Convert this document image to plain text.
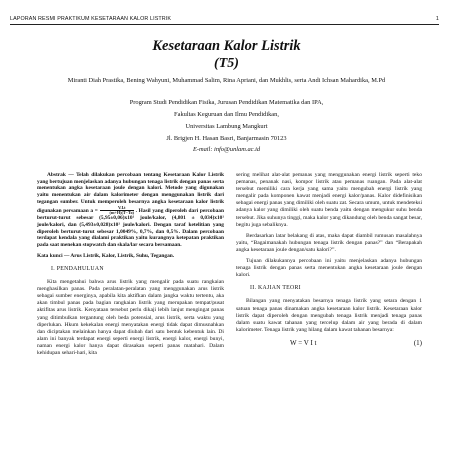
LAPORAN RESMI PRAKTIKUM KESETARAAN KALOR LISTRIK	1
Kesetaraan Kalor Listrik
(T5)
Miranti Diah Prastika, Bening Wahyuni, Muhammad Salim, Rina Apriani, dan Mukhlis, serta Andi Ichsan Mahardika, M.Pd
Program Studi Pendidikan Fisika, Jurusan Pendidikan Matematika dan IPA,
Fakultas Keguruan dan Ilmu Pendidikan,
Universitas Lambung Mangkurt
Jl. Brigjen H. Hasan Basri, Banjarmasin 70123
E-mail: info@unlam.ac.id
Abstrak — Telah dilakukan percobaan tentang Kesetaraan Kalor Listrik yang bertujuan menjelaskan adanya hubungan tenaga listrik dengan panas serta menentukan angka kesetaraan joule dengan kalori. Metode yang digunakan yaitu menentukan air dalam kalorimeter dengan menggunakan listrik dari tegangan sumber. Untuk memperoleh besarnya angka kesetaraan kalor listrik digunakan persamaan $a = \frac{V.I.t}{(m+H)(T-To)}$ . Hasil yang diperoleh dari percobaan berturut-turut sebesar (5,95±0,06)x10¹ joule/kalor, (4,801 ± 0,034)x10¹ joule/kalori, dan (5,493±0,028)x10¹ joule/kalori. Dengan taraf ketelitian yang diperoleh berturut-turut sebesar 1,0049%, 0,7%, dan 0,5%. Dalam percobaan terdapat kendala yang dialami praktikan yaitu kurangnya ketepatan praktikan pada saat menekan stopwatch dan skala/lar secara bersamaan.
Kata kunci — Arus Listrik, Kalor, Listrik, Suhu, Tegangan.
I. PENDAHULUAN
Kita mengetahui bahwa arus listrik yang mengalir pada suatu rangkaian menghasilkan panas. Pada peralatan-peralatan yang menggunakan arus listrik sebagai sumber energinya, apabila kita aktifkan dalam jangka waktu tertentu, aka akan timbul panas pada bagian rangkaian listrik yang merupakan tempat/pusat aktifitas arus listrik. Kenyataan tersebut perlu dikaji lebih lanjut mengingat panas yang ditimbulkan tergantung oleh beda potensial, arus listrik, serta waktu yang diperlukan. Hkum kekekalan energi menyatakan energi tidak dapat dimusnahkan dan diciptakan melainkan hanya dapat diubah dari satu bentuk kebentuk lain. Di alam ini banyak terdapat energi seperti energi listrik, energi kalor, energi bunyi, naman energi kalor hanya dapat dirasakan seperti panas matahari. Dalam kehidupan sehari-hari, kita
sering melihat alat-alat pemanas yang menggunakan energi listrik seperti teko pemanas, penanak nasi, kompor listrik atau pemanas ruangan. Pada alat-alat tersebut memiliki cara kerja yang sama yaitu mengubah energi listrik yang mengalir pada komponen kawat menjadi energi kalor/panas. Kalor didefinisikan sebagai energi panas yang dimiliki oleh suatu zat. Secara umum, untuk mendeteksi adanya kalor yang dimiliki oleh suatu benda yaitu dengan mengukur suhu benda tersebut. Jika suhunya tinggi, maka kalor yang dikandung oleh benda sangat besar, begitu juga sebaliknya.
Berdasarkan latar belakang di atas, maka dapat diambil rumusan masalahnya yaitu, “Bagaimanakah hubungan tenaga listrik dengan panas?” dan “Berapakah angka kesetaraan joule dengan/satu kalori?”.
Tujuan dilakukannya percobaan ini yaitu menjelaskan adanya hubungan tenaga listrik dengan panas serta menentukan angka kesetaraan joule dengan kalori.
II. KAJIAN TEORI
Bilangan yang menyatakan besarnya tenaga listrik yang setara dengan 1 satuan tenaga panas dinamakan angka kesetaraan kalor listrik. Kesetaraan kalor listrik dapat diperoleh dengan mengubah tenaga listrik menjadi tenaga panas dalam suatu kawat tahanan yang tercelup dalam air yang berada di dalam kalorimeter. Tenaga listrik yang hilang dalam kawat tahanan besarnya:
W = V I t	(1)
